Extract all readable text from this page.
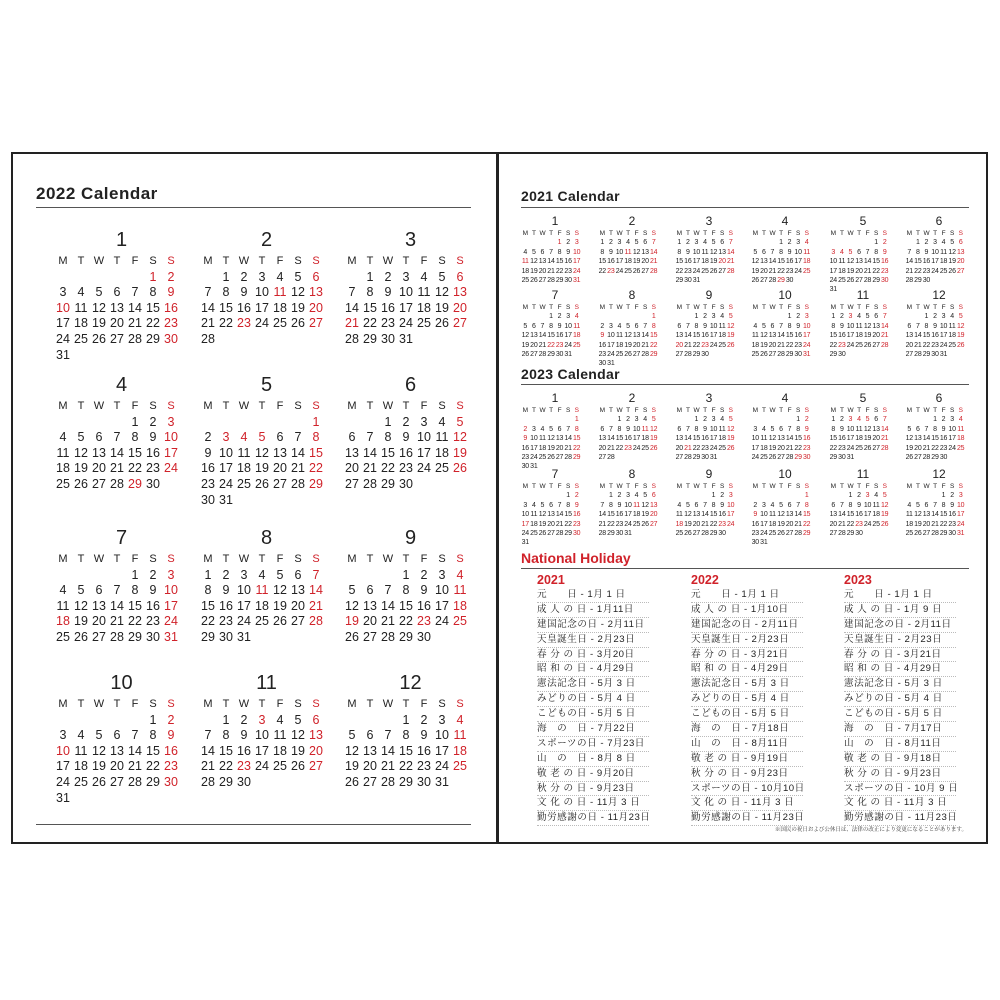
2022 Calendar
1
M	T	W	T	F	S	S
					1	2
3	4	5	6	7	8	9
10	11	12	13	14	15	16
17	18	19	20	21	22	23
24	25	26	27	28	29	30
31						
2
M	T	W	T	F	S	S
	1	2	3	4	5	6
7	8	9	10	11	12	13
14	15	16	17	18	19	20
21	22	23	24	25	26	27
28						
3
M	T	W	T	F	S	S
	1	2	3	4	5	6
7	8	9	10	11	12	13
14	15	16	17	18	19	20
21	22	23	24	25	26	27
28	29	30	31			
4
M	T	W	T	F	S	S
				1	2	3
4	5	6	7	8	9	10
11	12	13	14	15	16	17
18	19	20	21	22	23	24
25	26	27	28	29	30	
5
M	T	W	T	F	S	S
						1
2	3	4	5	6	7	8
9	10	11	12	13	14	15
16	17	18	19	20	21	22
23	24	25	26	27	28	29
30	31					
6
M	T	W	T	F	S	S
		1	2	3	4	5
6	7	8	9	10	11	12
13	14	15	16	17	18	19
20	21	22	23	24	25	26
27	28	29	30			
7
M	T	W	T	F	S	S
				1	2	3
4	5	6	7	8	9	10
11	12	13	14	15	16	17
18	19	20	21	22	23	24
25	26	27	28	29	30	31
8
M	T	W	T	F	S	S
1	2	3	4	5	6	7
8	9	10	11	12	13	14
15	16	17	18	19	20	21
22	23	24	25	26	27	28
29	30	31				
9
M	T	W	T	F	S	S
			1	2	3	4
5	6	7	8	9	10	11
12	13	14	15	16	17	18
19	20	21	22	23	24	25
26	27	28	29	30		
10
M	T	W	T	F	S	S
					1	2
3	4	5	6	7	8	9
10	11	12	13	14	15	16
17	18	19	20	21	22	23
24	25	26	27	28	29	30
31						
11
M	T	W	T	F	S	S
	1	2	3	4	5	6
7	8	9	10	11	12	13
14	15	16	17	18	19	20
21	22	23	24	25	26	27
28	29	30				
12
M	T	W	T	F	S	S
			1	2	3	4
5	6	7	8	9	10	11
12	13	14	15	16	17	18
19	20	21	22	23	24	25
26	27	28	29	30	31	
2021 Calendar
1
M	T	W	T	F	S	S
				1	2	3
4	5	6	7	8	9	10
11	12	13	14	15	16	17
18	19	20	21	22	23	24
25	26	27	28	29	30	31
2
M	T	W	T	F	S	S
1	2	3	4	5	6	7
8	9	10	11	12	13	14
15	16	17	18	19	20	21
22	23	24	25	26	27	28
3
M	T	W	T	F	S	S
1	2	3	4	5	6	7
8	9	10	11	12	13	14
15	16	17	18	19	20	21
22	23	24	25	26	27	28
29	30	31				
4
M	T	W	T	F	S	S
			1	2	3	4
5	6	7	8	9	10	11
12	13	14	15	16	17	18
19	20	21	22	23	24	25
26	27	28	29	30		
5
M	T	W	T	F	S	S
					1	2
3	4	5	6	7	8	9
10	11	12	13	14	15	16
17	18	19	20	21	22	23
24	25	26	27	28	29	30
31						
6
M	T	W	T	F	S	S
	1	2	3	4	5	6
7	8	9	10	11	12	13
14	15	16	17	18	19	20
21	22	23	24	25	26	27
28	29	30				
7
M	T	W	T	F	S	S
			1	2	3	4
5	6	7	8	9	10	11
12	13	14	15	16	17	18
19	20	21	22	23	24	25
26	27	28	29	30	31	
8
M	T	W	T	F	S	S
						1
2	3	4	5	6	7	8
9	10	11	12	13	14	15
16	17	18	19	20	21	22
23	24	25	26	27	28	29
30	31					
9
M	T	W	T	F	S	S
		1	2	3	4	5
6	7	8	9	10	11	12
13	14	15	16	17	18	19
20	21	22	23	24	25	26
27	28	29	30			
10
M	T	W	T	F	S	S
				1	2	3
4	5	6	7	8	9	10
11	12	13	14	15	16	17
18	19	20	21	22	23	24
25	26	27	28	29	30	31
11
M	T	W	T	F	S	S
1	2	3	4	5	6	7
8	9	10	11	12	13	14
15	16	17	18	19	20	21
22	23	24	25	26	27	28
29	30					
12
M	T	W	T	F	S	S
		1	2	3	4	5
6	7	8	9	10	11	12
13	14	15	16	17	18	19
20	21	22	23	24	25	26
27	28	29	30	31		
2023 Calendar
1
M	T	W	T	F	S	S
						1
2	3	4	5	6	7	8
9	10	11	12	13	14	15
16	17	18	19	20	21	22
23	24	25	26	27	28	29
30	31					
2
M	T	W	T	F	S	S
		1	2	3	4	5
6	7	8	9	10	11	12
13	14	15	16	17	18	19
20	21	22	23	24	25	26
27	28					
3
M	T	W	T	F	S	S
		1	2	3	4	5
6	7	8	9	10	11	12
13	14	15	16	17	18	19
20	21	22	23	24	25	26
27	28	29	30	31		
4
M	T	W	T	F	S	S
					1	2
3	4	5	6	7	8	9
10	11	12	13	14	15	16
17	18	19	20	21	22	23
24	25	26	27	28	29	30
5
M	T	W	T	F	S	S
1	2	3	4	5	6	7
8	9	10	11	12	13	14
15	16	17	18	19	20	21
22	23	24	25	26	27	28
29	30	31				
6
M	T	W	T	F	S	S
			1	2	3	4
5	6	7	8	9	10	11
12	13	14	15	16	17	18
19	20	21	22	23	24	25
26	27	28	29	30		
7
M	T	W	T	F	S	S
					1	2
3	4	5	6	7	8	9
10	11	12	13	14	15	16
17	18	19	20	21	22	23
24	25	26	27	28	29	30
31						
8
M	T	W	T	F	S	S
	1	2	3	4	5	6
7	8	9	10	11	12	13
14	15	16	17	18	19	20
21	22	23	24	25	26	27
28	29	30	31			
9
M	T	W	T	F	S	S
				1	2	3
4	5	6	7	8	9	10
11	12	13	14	15	16	17
18	19	20	21	22	23	24
25	26	27	28	29	30	
10
M	T	W	T	F	S	S
						1
2	3	4	5	6	7	8
9	10	11	12	13	14	15
16	17	18	19	20	21	22
23	24	25	26	27	28	29
30	31					
11
M	T	W	T	F	S	S
		1	2	3	4	5
6	7	8	9	10	11	12
13	14	15	16	17	18	19
20	21	22	23	24	25	26
27	28	29	30			
12
M	T	W	T	F	S	S
				1	2	3
4	5	6	7	8	9	10
11	12	13	14	15	16	17
18	19	20	21	22	23	24
25	26	27	28	29	30	31
National Holiday
2021
元　　日 - 1月 1 日
成 人 の 日 - 1月11日
建国記念の日 - 2月11日
天皇誕生日 - 2月23日
春 分 の 日 - 3月20日
昭 和 の 日 - 4月29日
憲法記念日 - 5月 3 日
みどりの日 - 5月 4 日
こどもの日 - 5月 5 日
海　の　日 - 7月22日
スポーツの日 - 7月23日
山　の　日 - 8月 8 日
敬 老 の 日 - 9月20日
秋 分 の 日 - 9月23日
文 化 の 日 - 11月 3 日
勤労感謝の日 - 11月23日
2022
元　　日 - 1月 1 日
成 人 の 日 - 1月10日
建国記念の日 - 2月11日
天皇誕生日 - 2月23日
春 分 の 日 - 3月21日
昭 和 の 日 - 4月29日
憲法記念日 - 5月 3 日
みどりの日 - 5月 4 日
こどもの日 - 5月 5 日
海　の　日 - 7月18日
山　の　日 - 8月11日
敬 老 の 日 - 9月19日
秋 分 の 日 - 9月23日
スポーツの日 - 10月10日
文 化 の 日 - 11月 3 日
勤労感謝の日 - 11月23日
2023
元　　日 - 1月 1 日
成 人 の 日 - 1月 9 日
建国記念の日 - 2月11日
天皇誕生日 - 2月23日
春 分 の 日 - 3月21日
昭 和 の 日 - 4月29日
憲法記念日 - 5月 3 日
みどりの日 - 5月 4 日
こどもの日 - 5月 5 日
海　の　日 - 7月17日
山　の　日 - 8月11日
敬 老 の 日 - 9月18日
秋 分 の 日 - 9月23日
スポーツの日 - 10月 9 日
文 化 の 日 - 11月 3 日
勤労感謝の日 - 11月23日
※国民の祝日および公休日は、法律の改正により変更になることがあります。
